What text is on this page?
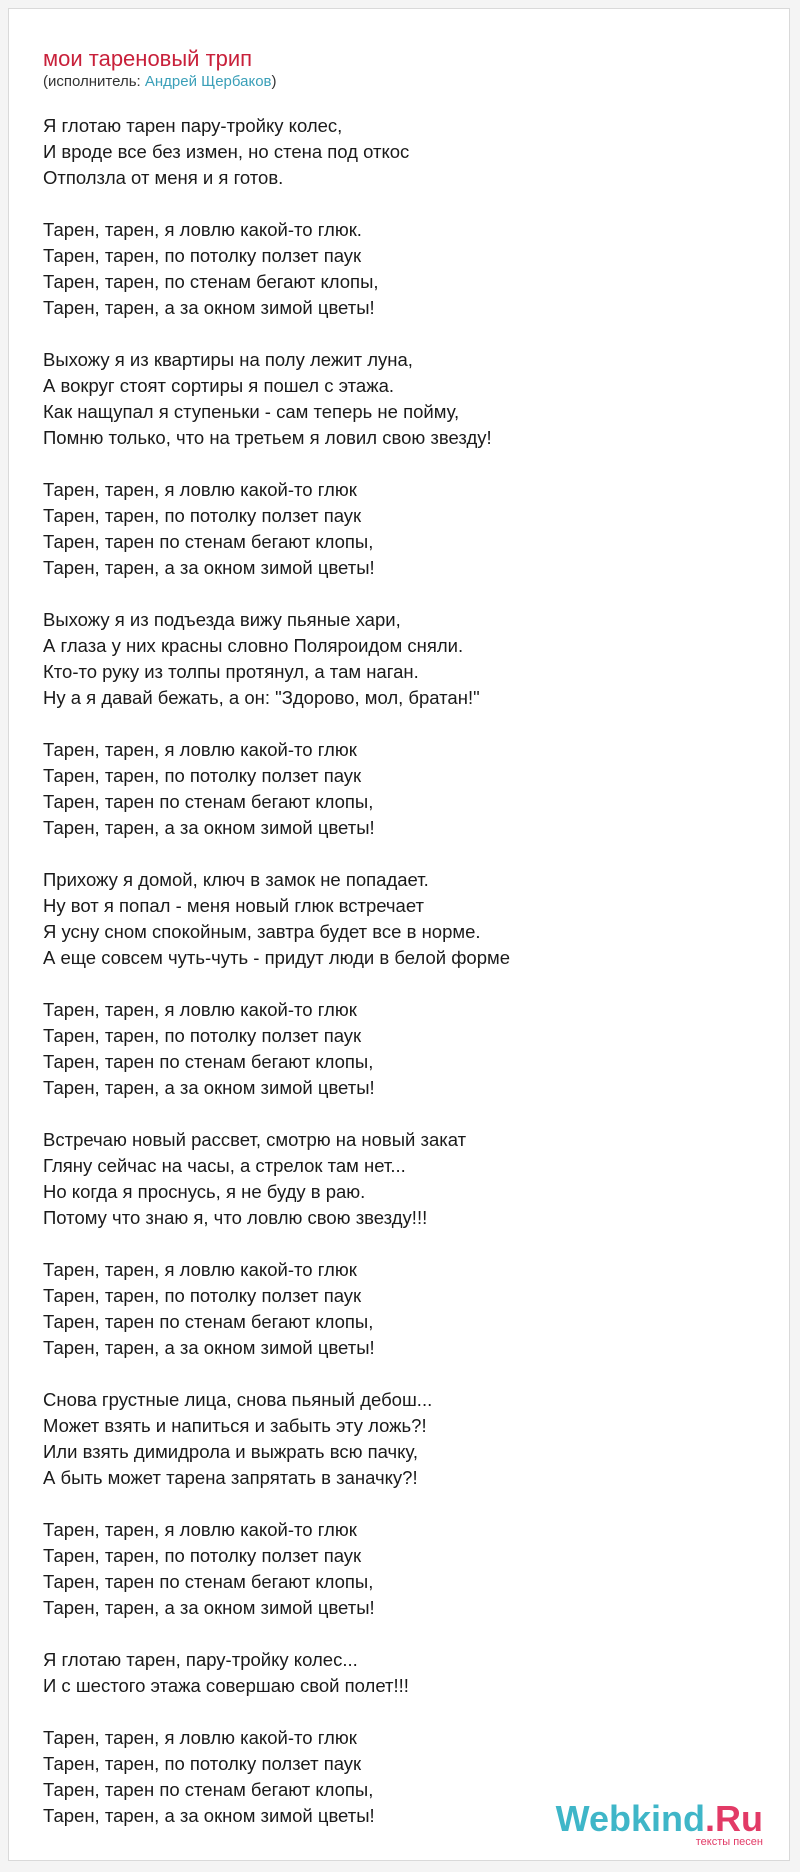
мои тареновый трип
(исполнитель: Андрей Щербаков)
Я глотаю тарен пару-тройку колес,
И вроде все без измен, но стена под откос
Отползла от меня и я готов.
Тарен, тарен, я ловлю какой-то глюк.
Тарен, тарен, по потолку ползет паук
Тарен, тарен, по стенам бегают клопы,
Тарен, тарен, а за окном зимой цветы!
Выхожу я из квартиры на полу лежит луна,
А вокруг стоят сортиры я пошел с этажа.
Как нащупал я ступеньки - сам теперь не пойму,
Помню только, что на третьем я ловил свою звезду!
Тарен, тарен, я ловлю какой-то глюк
Тарен, тарен, по потолку ползет паук
Тарен, тарен по стенам бегают клопы,
Тарен, тарен, а за окном зимой цветы!
Выхожу я из подъезда вижу пьяные хари,
А глаза у них красны словно Поляроидом сняли.
Кто-то руку из толпы протянул, а там наган.
Ну а я давай бежать, а он: "Здорово, мол, братан!"
Тарен, тарен, я ловлю какой-то глюк
Тарен, тарен, по потолку ползет паук
Тарен, тарен по стенам бегают клопы,
Тарен, тарен, а за окном зимой цветы!
Прихожу я домой, ключ в замок не попадает.
Ну вот я попал - меня новый глюк встречает
Я усну сном спокойным, завтра будет все в норме.
А еще совсем чуть-чуть - придут люди в белой форме
Тарен, тарен, я ловлю какой-то глюк
Тарен, тарен, по потолку ползет паук
Тарен, тарен по стенам бегают клопы,
Тарен, тарен, а за окном зимой цветы!
Встречаю новый рассвет, смотрю на новый закат
Гляну сейчас на часы, а стрелок там нет...
Но когда я проснусь, я не буду в раю.
Потому что знаю я, что ловлю свою звезду!!!
Тарен, тарен, я ловлю какой-то глюк
Тарен, тарен, по потолку ползет паук
Тарен, тарен по стенам бегают клопы,
Тарен, тарен, а за окном зимой цветы!
Снова грустные лица, снова пьяный дебош...
Может взять и напиться и забыть эту ложь?!
Или взять димидрола и выжрать всю пачку,
А быть может тарена запрятать в заначку?!
Тарен, тарен, я ловлю какой-то глюк
Тарен, тарен, по потолку ползет паук
Тарен, тарен по стенам бегают клопы,
Тарен, тарен, а за окном зимой цветы!
Я глотаю тарен, пару-тройку колес...
И с шестого этажа совершаю свой полет!!!
Тарен, тарен, я ловлю какой-то глюк
Тарен, тарен, по потолку ползет паук
Тарен, тарен по стенам бегают клопы,
Тарен, тарен, а за окном зимой цветы!	Webkind.Ru
тексты песен
